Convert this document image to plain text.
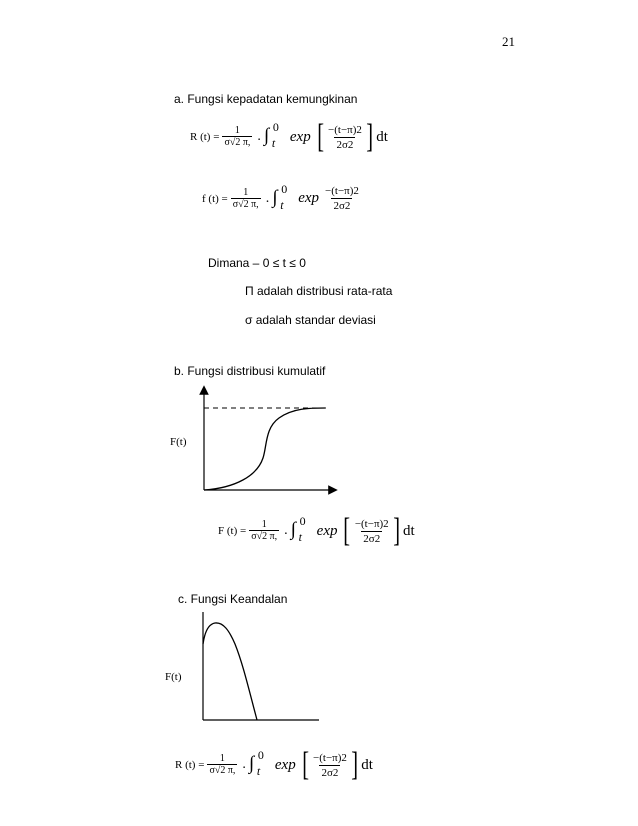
21
a. Fungsi kepadatan kemungkinan
R $(t) = \frac{1}{\sigma√2 \pi,}$ . ∫ 0
t exp [ $\frac{-(t-\pi)2}{2\sigma 2}$ ] dt
f $(t) = \frac{1}{\sigma√2 \pi,}$ . ∫ 0
t $\exp \frac{-(t-\pi)2}{2\sigma 2}$
Dimana – 0 ≤ t ≤ 0
Π adalah distribusi rata-rata
σ adalah standar deviasi
b. Fungsi distribusi kumulatif
F(t)
F $(t) = \frac{1}{\sigma√2 \pi,}$ . ∫ 0
t exp [ $\frac{-(t-\pi)2}{2\sigma 2}$ ] dt
c. Fungsi Keandalan
F(t)
R $(t) = \frac{1}{\sigma√2 \pi,}$ . ∫ 0
t exp [ $\frac{-(t-\pi)2}{2\sigma 2}$ ] dt
